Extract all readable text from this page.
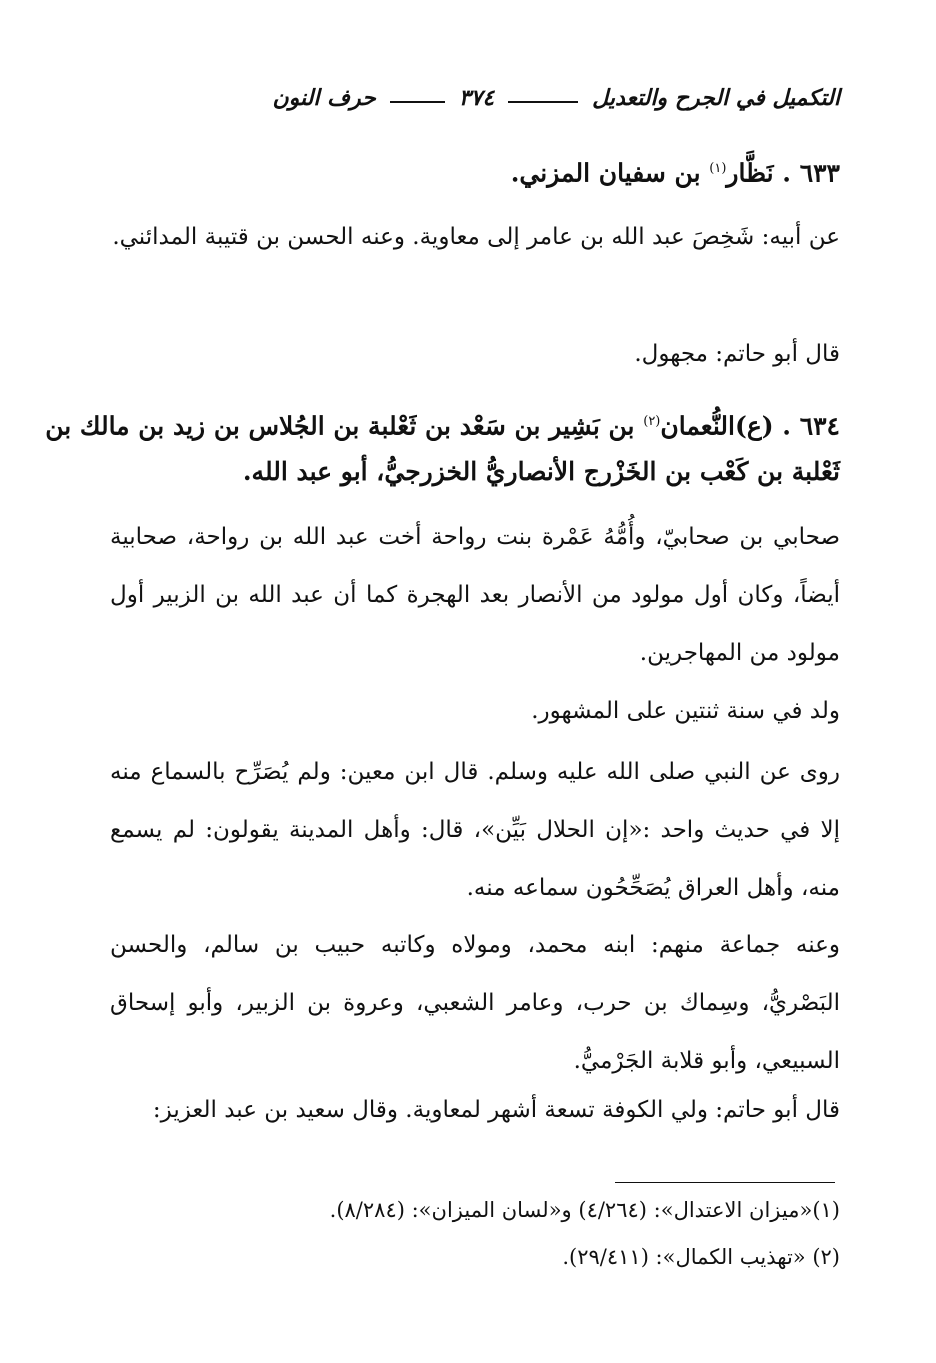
التكميل في الجرح والتعديل
٣٧٤
حرف النون
٦٣٣ . نَظَّار$^{(١)}$ بن سفيان المزني.
عن أبيه: شَخِصَ عبد الله بن عامر إلى معاوية. وعنه الحسن بن قتيبة المدائني.
قال أبو حاتم: مجهول.
٦٣٤ . (ع)النُّعمان$^{(٢)}$ بن بَشِير بن سَعْد بن ثَعْلبة بن الجُلاس بن زيد بن مالك بن
ثَعْلبة بن كَعْب بن الخَزْرج الأنصاريُّ الخزرجيُّ، أبو عبد الله.
صحابي بن صحابيّ، وأُمُّهُ عَمْرة بنت رواحة أخت عبد الله بن رواحة، صحابية أيضاً، وكان أول مولود من الأنصار بعد الهجرة كما أن عبد الله بن الزبير أول مولود من المهاجرين.
ولد في سنة ثنتين على المشهور.
روى عن النبي صلى الله عليه وسلم. قال ابن معين: ولم يُصَرِّح بالسماع منه إلا في حديث واحد :«إن الحلال بَيِّن»، قال: وأهل المدينة يقولون: لم يسمع منه، وأهل العراق يُصَحِّحُون سماعه منه.
وعنه جماعة منهم: ابنه محمد، ومولاه وكاتبه حبيب بن سالم، والحسن البَصْريُّ، وسِماك بن حرب، وعامر الشعبي، وعروة بن الزبير، وأبو إسحاق السبيعي، وأبو قلابة الجَرْميُّ.
قال أبو حاتم: ولي الكوفة تسعة أشهر لمعاوية. وقال سعيد بن عبد العزيز:
(١)«ميزان الاعتدال»: (٤/٢٦٤) و«لسان الميزان»: (٨/٢٨٤).
(٢) «تهذيب الكمال»: (٢٩/٤١١).
